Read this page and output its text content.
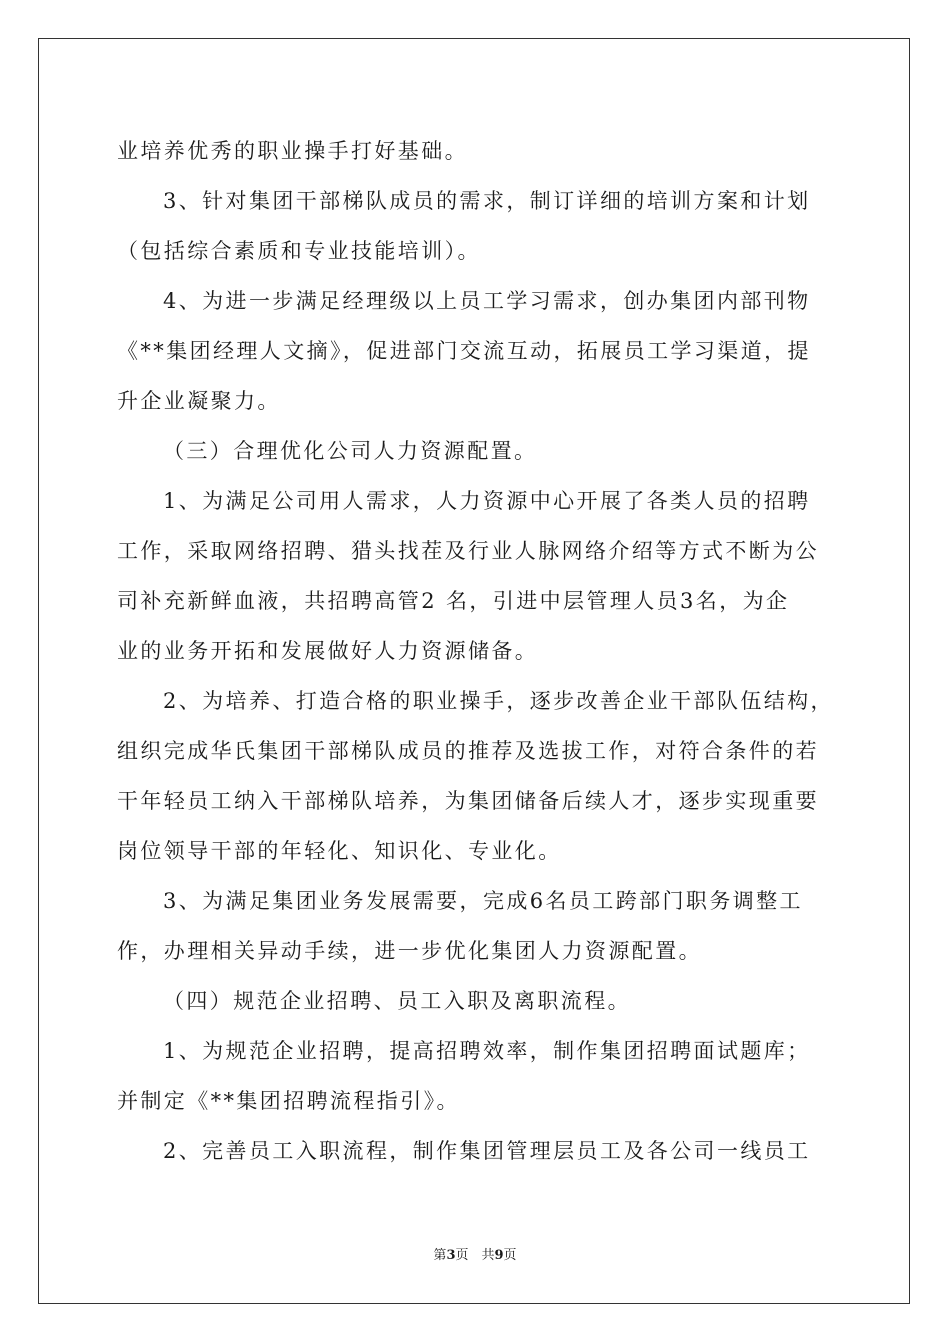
业培养优秀的职业操手打好基础。
3、针对集团干部梯队成员的需求，制订详细的培训方案和计划
（包括综合素质和专业技能培训）。
4、为进一步满足经理级以上员工学习需求，创办集团内部刊物
《**集团经理人文摘》，促进部门交流互动，拓展员工学习渠道，提
升企业凝聚力。
（三）合理优化公司人力资源配置。
1、为满足公司用人需求，人力资源中心开展了各类人员的招聘
工作，采取网络招聘、猎头找茬及行业人脉网络介绍等方式不断为公
司补充新鲜血液，共招聘高管2 名，引进中层管理人员3名，为企
业的业务开拓和发展做好人力资源储备。
2、为培养、打造合格的职业操手，逐步改善企业干部队伍结构，
组织完成华氏集团干部梯队成员的推荐及选拔工作，对符合条件的若
干年轻员工纳入干部梯队培养，为集团储备后续人才，逐步实现重要
岗位领导干部的年轻化、知识化、专业化。
3、为满足集团业务发展需要，完成6名员工跨部门职务调整工
作，办理相关异动手续，进一步优化集团人力资源配置。
（四）规范企业招聘、员工入职及离职流程。
1、为规范企业招聘，提高招聘效率，制作集团招聘面试题库；
并制定《**集团招聘流程指引》。
2、完善员工入职流程，制作集团管理层员工及各公司一线员工
第3页　共9页
